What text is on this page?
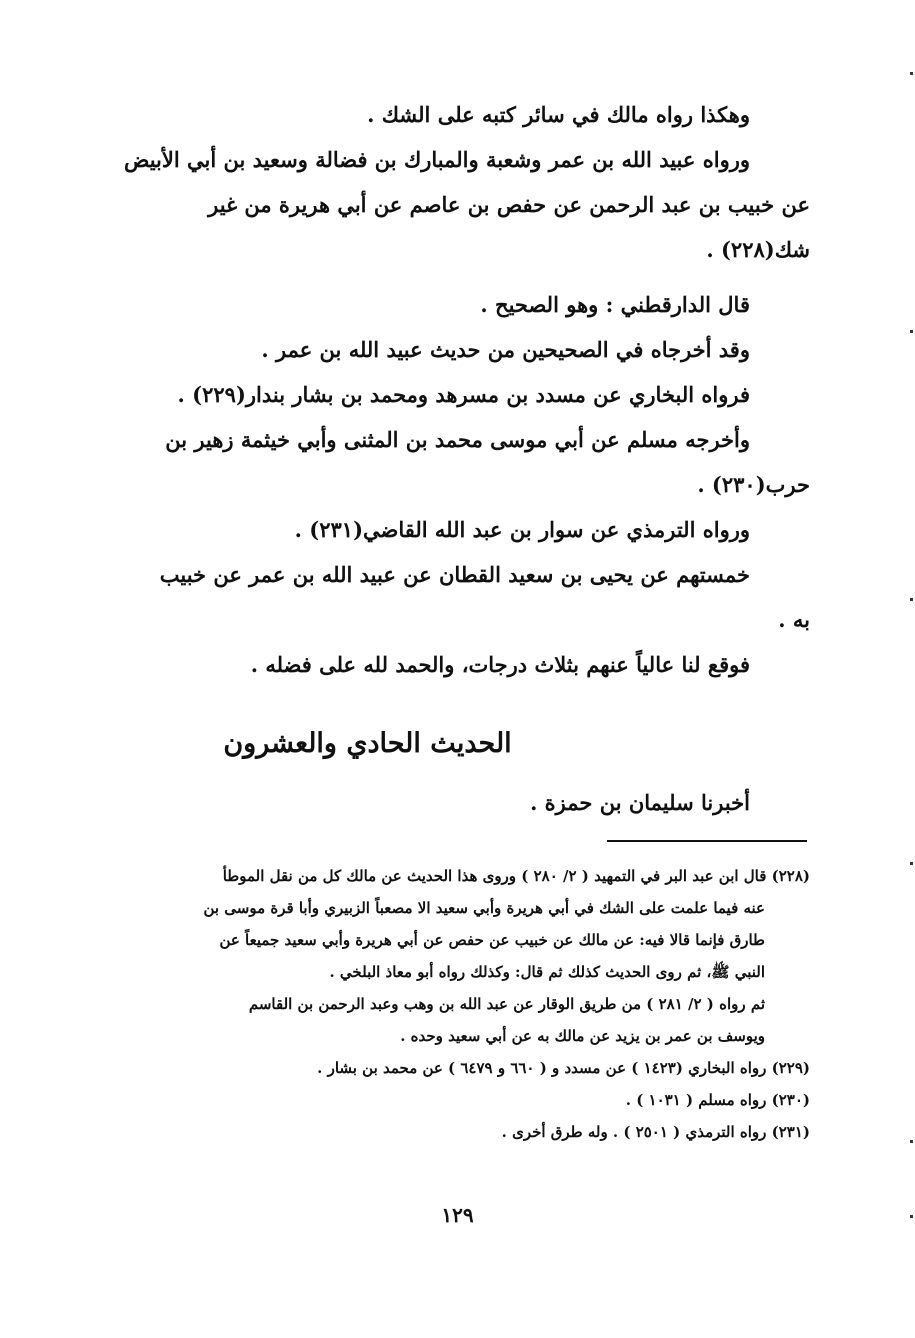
وهكذا رواه مالك في سائر كتبه على الشك .

ورواه عبيد الله بن عمر وشعبة والمبارك بن فضالة وسعيد بن أبي الأبيض

عن خبيب بن عبد الرحمن عن حفص بن عاصم عن أبي هريرة من غير

شك(٢٢٨) .

قال الدارقطني : وهو الصحيح .

وقد أخرجاه في الصحيحين من حديث عبيد الله بن عمر .

فرواه البخاري عن مسدد بن مسرهد ومحمد بن بشار بندار(٢٢٩) .

وأخرجه مسلم عن أبي موسى محمد بن المثنى وأبي خيثمة زهير بن

حرب(٢٣٠) .

ورواه الترمذي عن سوار بن عبد الله القاضي(٢٣١) .

خمستهم عن يحيى بن سعيد القطان عن عبيد الله بن عمر عن خبيب

به .

فوقع لنا عالياً عنهم بثلاث درجات، والحمد لله على فضله .

الحديث الحادي والعشرون
أخبرنا سليمان بن حمزة .

(٢٢٨) قال ابن عبد البر في التمهيد ( ٢/ ٢٨٠ ) وروى هذا الحديث عن مالك كل من نقل الموطأ

عنه فيما علمت على الشك في أبي هريرة وأبي سعيد الا مصعباً الزبيري وأبا قرة موسى بن

طارق فإنما قالا فيه: عن مالك عن خبيب عن حفص عن أبي هريرة وأبي سعيد جميعاً عن

النبي ﷺ، ثم روى الحديث كذلك ثم قال: وكذلك رواه أبو معاذ البلخي .

ثم رواه ( ٢/ ٢٨١ ) من طريق الوقار عن عبد الله بن وهب وعبد الرحمن بن القاسم

ويوسف بن عمر بن يزيد عن مالك به عن أبي سعيد وحده .

(٢٢٩) رواه البخاري (١٤٢٣ ) عن مسدد و ( ٦٦٠ و ٦٤٧٩ ) عن محمد بن بشار .

(٢٣٠) رواه مسلم ( ١٠٣١ ) .

(٢٣١) رواه الترمذي ( ٢٥٠١ ) . وله طرق أخرى .

١٢٩
